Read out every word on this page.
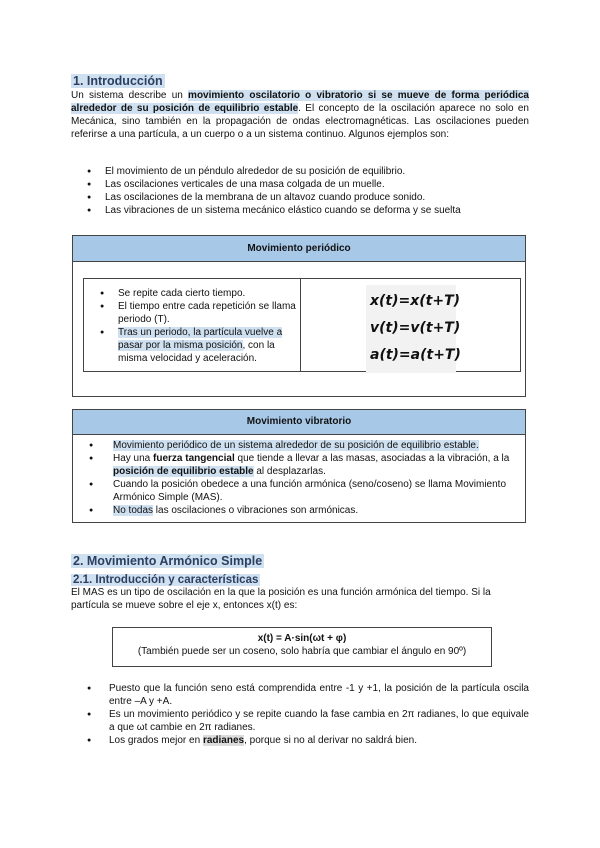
1. Introducción
Un sistema describe un movimiento oscilatorio o vibratorio si se mueve de forma periódica alrededor de su posición de equilibrio estable. El concepto de la oscilación aparece no solo en Mecánica, sino también en la propagación de ondas electromagnéticas. Las oscilaciones pueden referirse a una partícula, a un cuerpo o a un sistema continuo. Algunos ejemplos son:
● El movimiento de un péndulo alrededor de su posición de equilibrio.
● Las oscilaciones verticales de una masa colgada de un muelle.
● Las oscilaciones de la membrana de un altavoz cuando produce sonido.
● Las vibraciones de un sistema mecánico elástico cuando se deforma y se suelta
Movimiento periódico
● Se repite cada cierto tiempo.
● El tiempo entre cada repetición se llama periodo (T).
● Tras un periodo, la partícula vuelve a pasar por la misma posición, con la misma velocidad y aceleración.
x(t)=x(t+T)
v(t)=v(t+T)
a(t)=a(t+T)
Movimiento vibratorio
● Movimiento periódico de un sistema alrededor de su posición de equilibrio estable.
● Hay una fuerza tangencial que tiende a llevar a las masas, asociadas a la vibración, a la posición de equilibrio estable al desplazarlas.
● Cuando la posición obedece a una función armónica (seno/coseno) se llama Movimiento Armónico Simple (MAS).
● No todas las oscilaciones o vibraciones son armónicas.
2. Movimiento Armónico Simple
2.1. Introducción y características
El MAS es un tipo de oscilación en la que la posición es una función armónica del tiempo. Si la partícula se mueve sobre el eje x, entonces x(t) es:
x(t) = A·sin(ωt + φ)
(También puede ser un coseno, solo habría que cambiar el ángulo en 90º)
● Puesto que la función seno está comprendida entre -1 y +1, la posición de la partícula oscila entre –A y +A.
● Es un movimiento periódico y se repite cuando la fase cambia en 2π radianes, lo que equivale a que ωt cambie en 2π radianes.
● Los grados mejor en radianes, porque si no al derivar no saldrá bien.
